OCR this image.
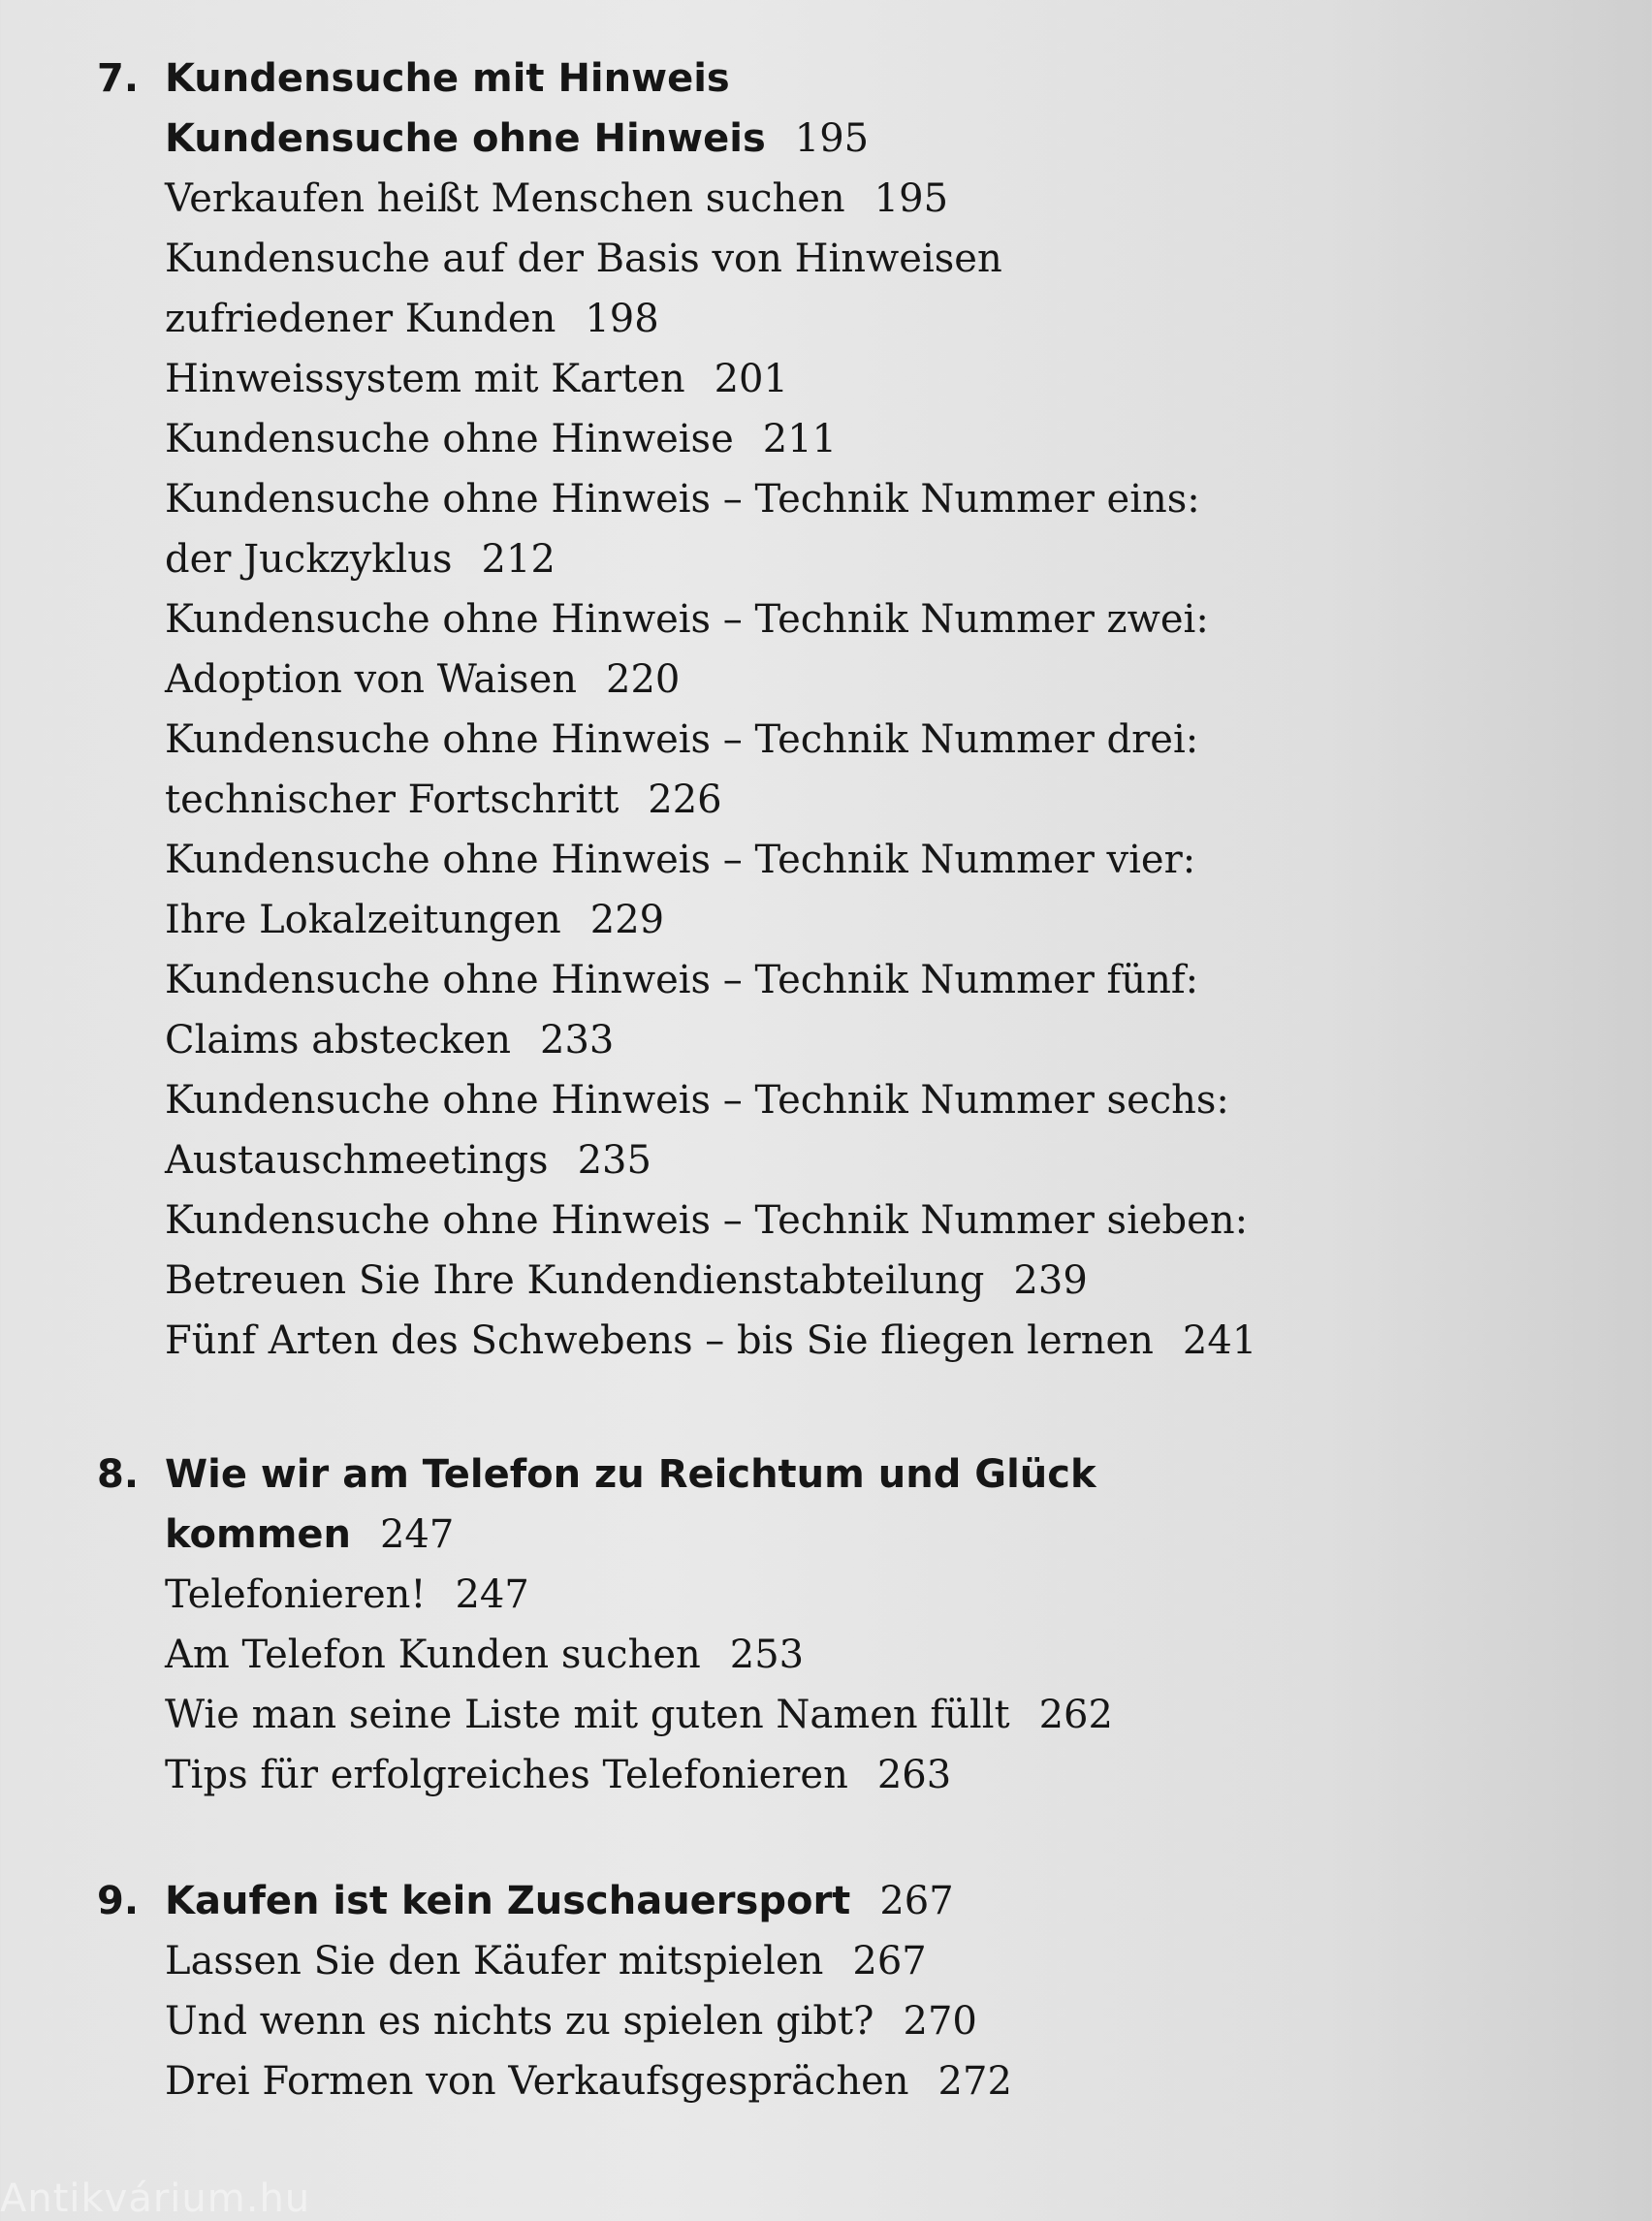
7. Kundensuche mit Hinweis
Kundensuche ohne Hinweis 195
Verkaufen heißt Menschen suchen 195
Kundensuche auf der Basis von Hinweisen
zufriedener Kunden 198
Hinweissystem mit Karten 201
Kundensuche ohne Hinweise 211
Kundensuche ohne Hinweis – Technik Nummer eins:
der Juckzyklus 212
Kundensuche ohne Hinweis – Technik Nummer zwei:
Adoption von Waisen 220
Kundensuche ohne Hinweis – Technik Nummer drei:
technischer Fortschritt 226
Kundensuche ohne Hinweis – Technik Nummer vier:
Ihre Lokalzeitungen 229
Kundensuche ohne Hinweis – Technik Nummer fünf:
Claims abstecken 233
Kundensuche ohne Hinweis – Technik Nummer sechs:
Austauschmeetings 235
Kundensuche ohne Hinweis – Technik Nummer sieben:
Betreuen Sie Ihre Kundendienstabteilung 239
Fünf Arten des Schwebens – bis Sie fliegen lernen 241
8. Wie wir am Telefon zu Reichtum und Glück
kommen 247
Telefonieren! 247
Am Telefon Kunden suchen 253
Wie man seine Liste mit guten Namen füllt 262
Tips für erfolgreiches Telefonieren 263
9. Kaufen ist kein Zuschauersport 267
Lassen Sie den Käufer mitspielen 267
Und wenn es nichts zu spielen gibt? 270
Drei Formen von Verkaufsgesprächen 272
Antikvárium.hu
